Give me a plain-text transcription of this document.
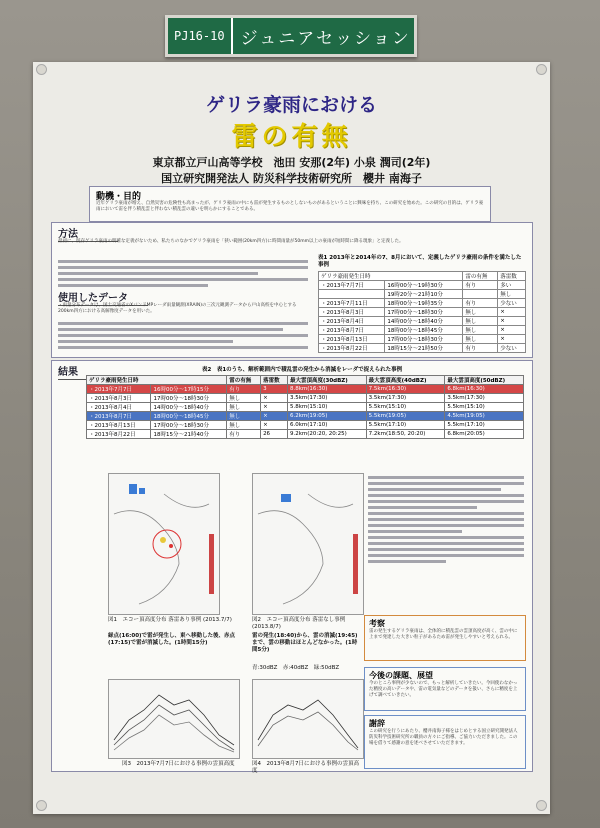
PJ16-10 ジュニアセッション
ゲリラ豪雨における
雷の有無
東京都立戸山高等学校　池田 安那(2年) 小泉 潤司(2年)
国立研究開発法人 防災科学技術研究所　櫻井 南海子
動機・目的
近年ゲリラ豪雨が増え、自然災害の危険性も高まったが、ゲリラ豪雨の中にも雷が発生するものとしないものがあるということに興味を持ち、この研究を始めた。この研究の目的は、ゲリラ豪雨において雷を伴う積乱雲と伴わない積乱雲の違いを明らかにすることである。
方法
最初に、既存ゲリラ豪雨の明確な定義がないため、私たちのなかでゲリラ豪雨を「狭い範囲(20km四方)に時間雨量が50mm以上の豪雨が短時間に降る現象」と定義した。
使用したデータ
・雨量分布データは、国土交通省のXバンドMPレーダ雨量観測(XRAIN)の三次元観測データから戸山高校を中心とする200km四方における高解像度データを用いた。
表1 2013年と2014年の7、8月において、定義したゲリラ豪雨の条件を満たした事例
ゲリラ豪雨発生日時		雷の有無	落雷数
・2013年7月7日	16時00分〜19時30分	有り	多い
	19時20分〜21時10分		無し
・2013年7月11日	18時00分〜19時35分	有り	少ない
・2013年8月3日	17時00分〜18時30分	無し	×
・2013年8月4日	14時00分〜18時40分	無し	×
・2013年8月7日	18時00分〜18時45分	無し	×
・2013年8月13日	17時00分〜18時30分	無し	×
・2013年8月22日	18時15分〜21時50分	有り	少ない
結果	表2　表1のうち、解析範囲内で積乱雲の発生から消滅をレーダで捉えられた事例
ゲリラ豪雨発生日時		雷の有無	落雷数	最大雲頂高度(30dBZ)	最大雲頂高度(40dBZ)	最大雲頂高度(50dBZ)
・2013年7月7日	16時00分〜17時15分	有り	3	8.8km(16:30)	7.5km(16:30)	6.8km(16:30)
・2013年8月3日	17時00分〜18時30分	無し	×	3.5km(17:30)	3.5km(17:30)	3.5km(17:30)
・2013年8月4日	14時00分〜18時40分	無し	×	5.8km(15:10)	5.5km(15:10)	5.5km(15:10)
・2013年8月7日	18時00分〜18時45分	無し	×	6.2km(19:05)	5.5km(19:05)	4.5km(19:05)
・2013年8月13日	17時00分〜18時30分	無し	×	6.0km(17:10)	5.5km(17:10)	5.5km(17:10)
・2013年8月22日	18時15分〜21時40分	有り	26	9.2km(20:20, 20:25)	7.2km(18:50, 20:20)	6.8km(20:05)
図1　エコー頂高度分布 落雷あり事例 (2013.7/7)
緑点(16:00)で雷が発生し、東へ移動した後、赤点(17:15)で雷が消滅した。(1時間15分)
図2　エコー頂高度分布 落雷なし事例 (2013.8/7)
雷の発生(18:40)から、雲の消滅(19:45)まで、雲の移動はほとんどなかった。(1時間5分)
青:30dBZ　赤:40dBZ　緑:50dBZ
図3　2013年7月7日における事例の雲頂高度	図4　2013年8月7日における事例の雲頂高度
考察
雷の発生するゲリラ豪雨は、全体的に積乱雲の雲頂高度が高く、雲の中に上まで発達した大きい粒子があるため雷が発生しやすいと考えられる。
今後の課題、展望
今のところ事例が少ないので、もっと解析していきたい。今回使わなかった精度の高いデータや、雷の電気量などのデータを扱い、さらに精度を上げて調べていきたい。
謝辞
この研究を行うにあたり、櫻井南海子様をはじめとする国立研究開発法人防災科学技術研究所の職員の方々にご指導、ご協力いただきました。この場を借りて感謝の意を述べさせていただきます。
